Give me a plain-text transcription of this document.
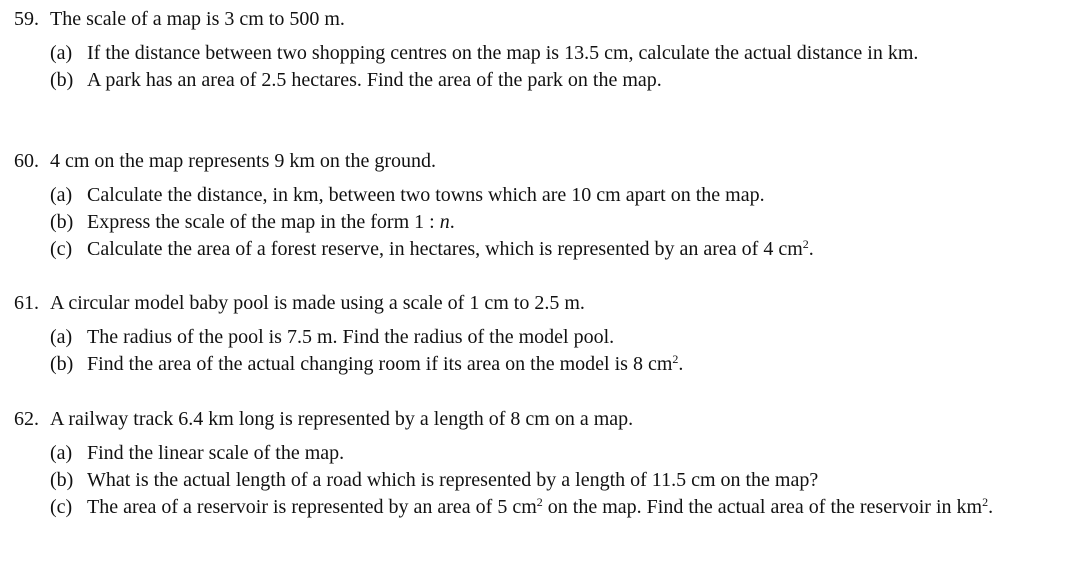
59. The scale of a map is 3 cm to 500 m.
(a) If the distance between two shopping centres on the map is 13.5 cm, calculate the actual distance in km.
(b) A park has an area of 2.5 hectares. Find the area of the park on the map.
60. 4 cm on the map represents 9 km on the ground.
(a) Calculate the distance, in km, between two towns which are 10 cm apart on the map.
(b) Express the scale of the map in the form 1 : n.
(c) Calculate the area of a forest reserve, in hectares, which is represented by an area of 4 $cm^2$.
61. A circular model baby pool is made using a scale of 1 cm to 2.5 m.
(a) The radius of the pool is 7.5 m. Find the radius of the model pool.
(b) Find the area of the actual changing room if its area on the model is 8 $cm^2$.
62. A railway track 6.4 km long is represented by a length of 8 cm on a map.
(a) Find the linear scale of the map.
(b) What is the actual length of a road which is represented by a length of 11.5 cm on the map?
(c) The area of a reservoir is represented by an area of 5 $cm^2$ on the map. Find the actual area of the reservoir in $km^2$.
